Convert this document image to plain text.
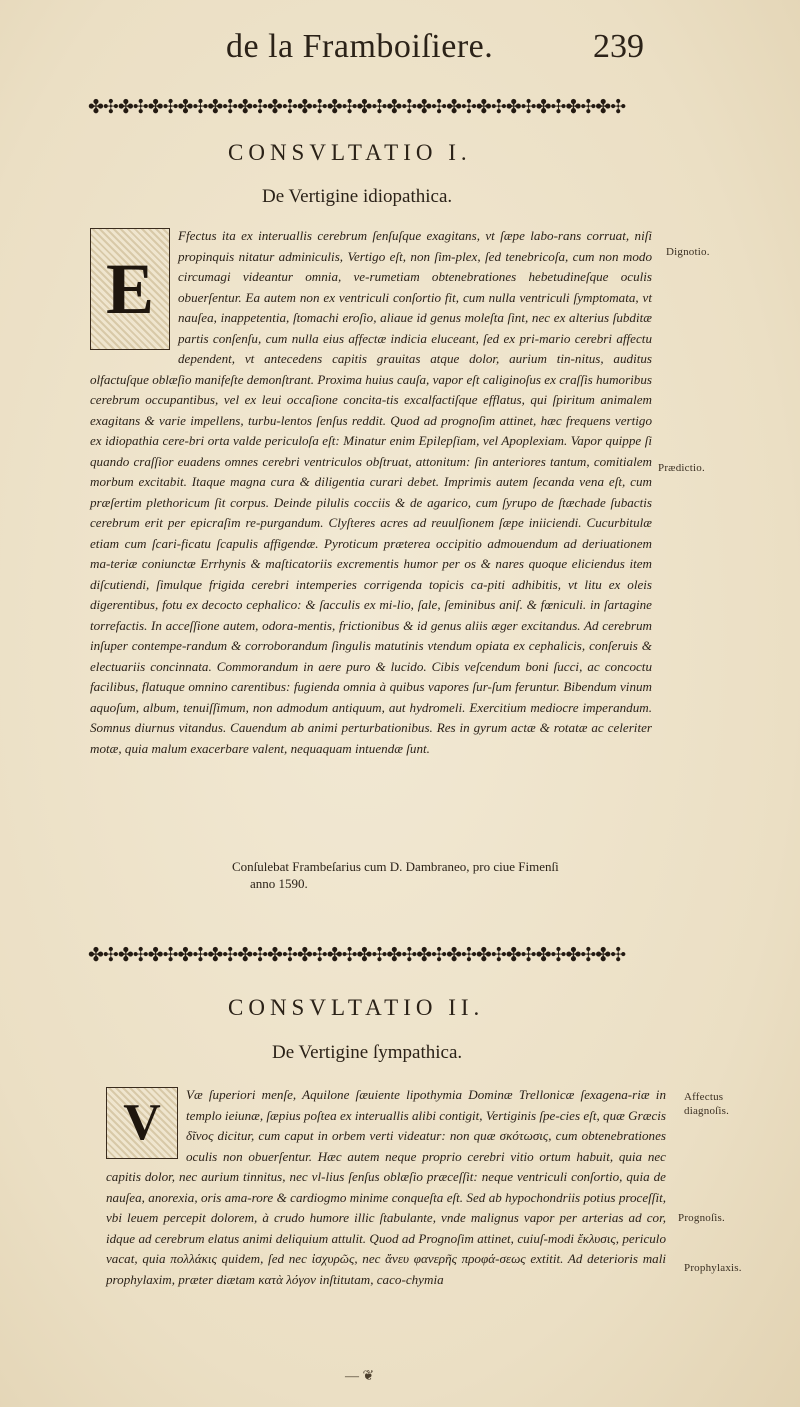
de la Framboiſiere.	239
✤✣✤✣✤✣✤✣✤✣✤✣✤✣✤✣✤✣✤✣✤✣✤✣✤✣✤✣✤✣✤✣✤✣✤✣
CONSVLTATIO I.
De Vertigine idiopathica.

E
Ffectus ita ex interuallis cerebrum ſenſuſque exagitans, vt ſæpe labo-rans corruat, niſi propinquis nitatur adminiculis, Vertigo eſt, non ſim-plex, ſed tenebricoſa, cum non modo circumagi videantur omnia, ve-rumetiam obtenebrationes hebetudineſque oculis obuerſentur. Ea autem non ex ventriculi conſortio fit, cum nulla ventriculi ſymptomata, vt nauſea, inappetentia, ſtomachi eroſio, aliaue id genus moleſta ſint, nec ex alterius ſubditæ partis conſenſu, cum nulla eius affectæ indicia eluceant, ſed ex pri-mario cerebri affectu dependent, vt antecedens capitis grauitas atque dolor, aurium tin-nitus, auditus olfactuſque oblæſio manifeſte demonſtrant. Proxima huius cauſa, vapor eſt caliginoſus ex craſſis humoribus cerebrum occupantibus, vel ex leui occaſione concita-tis excalfactiſque efflatus, qui ſpiritum animalem exagitans & varie impellens, turbu-lentos ſenſus reddit. Quod ad prognoſim attinet, hæc frequens vertigo ex idiopathia cere-bri orta valde periculoſa eſt: Minatur enim Epilepſiam, vel Apoplexiam. Vapor quippe ſi quando craſſior euadens omnes cerebri ventriculos obſtruat, attonitum: ſin anteriores tantum, comitialem morbum excitabit. Itaque magna cura & diligentia curari debet. Imprimis autem ſecanda vena eſt, cum præſertim plethoricum ſit corpus. Deinde pilulis cocciis & de agarico, cum ſyrupo de ſtæchade ſubactis cerebrum erit per epicraſim re-purgandum. Clyſteres acres ad reuulſionem ſæpe iniiciendi. Cucurbitulæ etiam cum ſcari-ficatu ſcapulis affigendæ. Pyroticum præterea occipitio admouendum ad deriuationem ma-teriæ coniunctæ Errhynis & maſticatoriis excrementis humor per os & nares quoque eliciendus item diſcutiendi, ſimulque frigida cerebri intemperies corrigenda topicis ca-piti adhibitis, vt litu ex oleis digerentibus, fotu ex decocto cephalico: & ſacculis ex mi-lio, ſale, ſeminibus aniſ. & fœniculi. in ſartagine torrefactis. In acceſſione autem, odora-mentis, frictionibus & id genus aliis æger excitandus. Ad cerebrum inſuper contempe-randum & corroborandum ſingulis matutinis vtendum opiata ex cephalicis, conſeruis & electuariis concinnata. Commorandum in aere puro & lucido. Cibis veſcendum boni ſucci, ac concoctu facilibus, flatuque omnino carentibus: fugienda omnia à quibus vapores ſur-ſum feruntur. Bibendum vinum aquoſum, album, tenuiſſimum, non admodum antiquum, aut hydromeli. Exercitium mediocre imperandum. Somnus diurnus vitandus. Cauendum ab animi perturbationibus. Res in gyrum actæ & rotatæ ac celeriter motæ, quia malum exacerbare valent, nequaquam intuendæ ſunt.

Dignotio.
Prædictio.
Conſulebat Frambeſarius cum D. Dambraneo, pro ciue Fimenſi
anno 1590.
✤✣✤✣✤✣✤✣✤✣✤✣✤✣✤✣✤✣✤✣✤✣✤✣✤✣✤✣✤✣✤✣✤✣✤✣
CONSVLTATIO II.
De Vertigine ſympathica.

V	Væ ſuperiori menſe, Aquilone ſæuiente lipothymia Dominæ Trellonicæ ſexagena-riæ in templo ieiunæ, ſæpius poſtea ex interuallis alibi contigit, Vertiginis ſpe-cies eſt, quæ Græcis δῖνος dicitur, cum caput in orbem verti videatur: non quæ σκότωσις, cum obtenebrationes oculis non obuerſentur. Hæc autem neque proprio cerebri vitio ortum habuit, quia nec capitis dolor, nec aurium tinnitus, nec vl-lius ſenſus oblæſio præceſſit: neque ventriculi conſortio, quia de nauſea, anorexia, oris ama-rore & cardiogmo minime conqueſta eſt. Sed ab hypochondriis potius proceſſit, vbi leuem percepit dolorem, à crudo humore illic ſtabulante, vnde malignus vapor per arterias ad cor, idque ad cerebrum elatus animi deliquium attulit. Quod ad Prognoſim attinet, cuiuſ-modi ἔκλυσις, periculo vacat, quia πολλάκις quidem, ſed nec ἰσχυρῶς, nec ἄνευ φανερῆς προφά-σεως extitit. Ad deterioris mali prophylaxim, præter diætam κατὰ λόγον inſtitutam, caco-chymia

Affectus diagnoſis.
Prognoſis.
Prophylaxis.
— ❦
